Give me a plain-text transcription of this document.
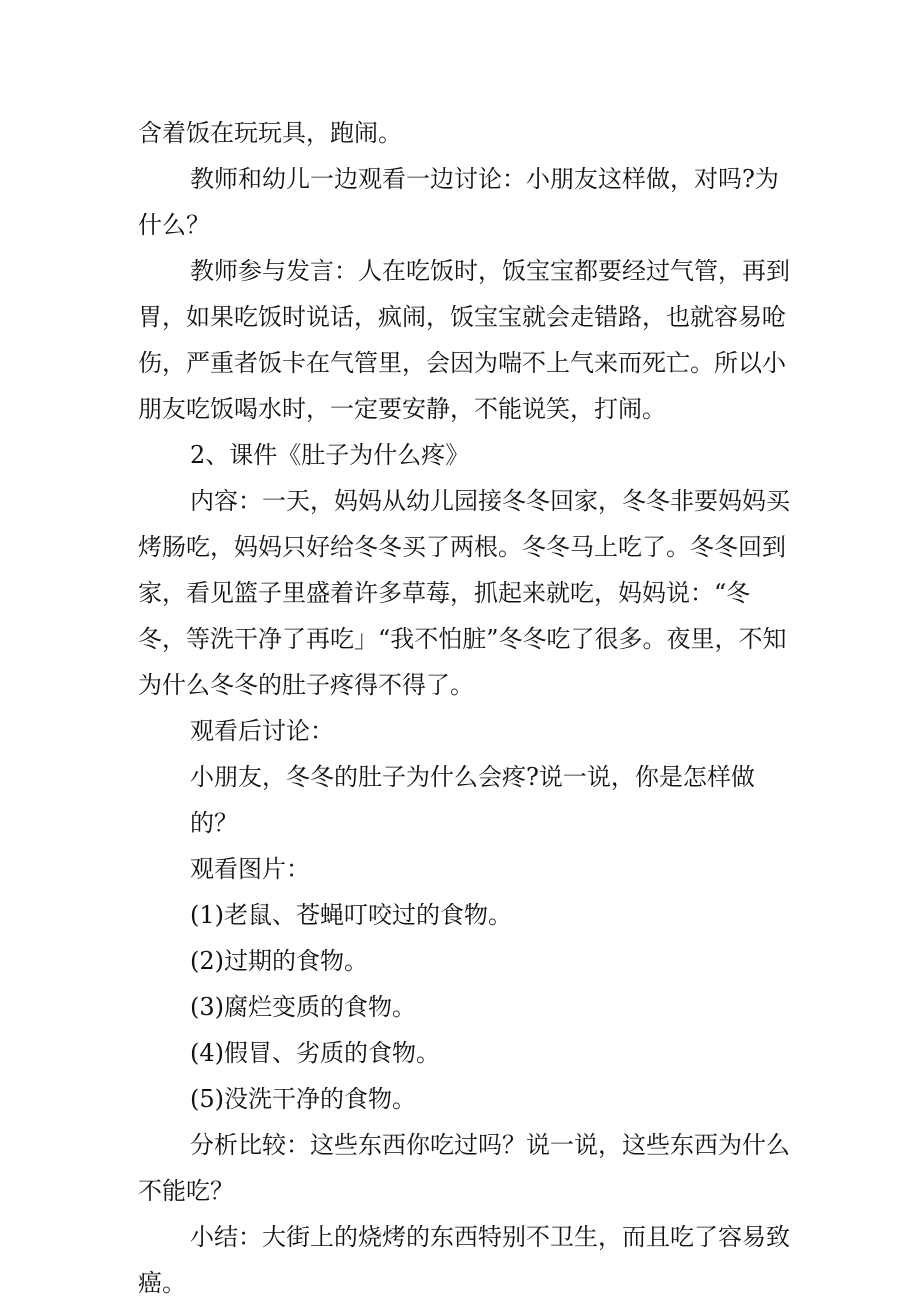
含着饭在玩玩具，跑闹。

教师和幼儿一边观看一边讨论：小朋友这样做，对吗?为什么？

教师参与发言：人在吃饭时，饭宝宝都要经过气管，再到胃，如果吃饭时说话，疯闹，饭宝宝就会走错路，也就容易呛伤，严重者饭卡在气管里，会因为喘不上气来而死亡。所以小朋友吃饭喝水时，一定要安静，不能说笑，打闹。

2、课件《肚子为什么疼》

内容：一天，妈妈从幼儿园接冬冬回家，冬冬非要妈妈买烤肠吃，妈妈只好给冬冬买了两根。冬冬马上吃了。冬冬回到家，看见篮子里盛着许多草莓，抓起来就吃，妈妈说：“冬冬，等洗干净了再吃」“我不怕脏”冬冬吃了很多。夜里，不知为什么冬冬的肚子疼得不得了。

观看后讨论：

小朋友，冬冬的肚子为什么会疼?说一说，你是怎样做的？

观看图片：

(1)老鼠、苍蝇叮咬过的食物。

(2)过期的食物。

(3)腐烂变质的食物。

(4)假冒、劣质的食物。

(5)没洗干净的食物。

分析比较：这些东西你吃过吗？说一说，这些东西为什么不能吃？

小结：大街上的烧烤的东西特别不卫生，而且吃了容易致癌。
